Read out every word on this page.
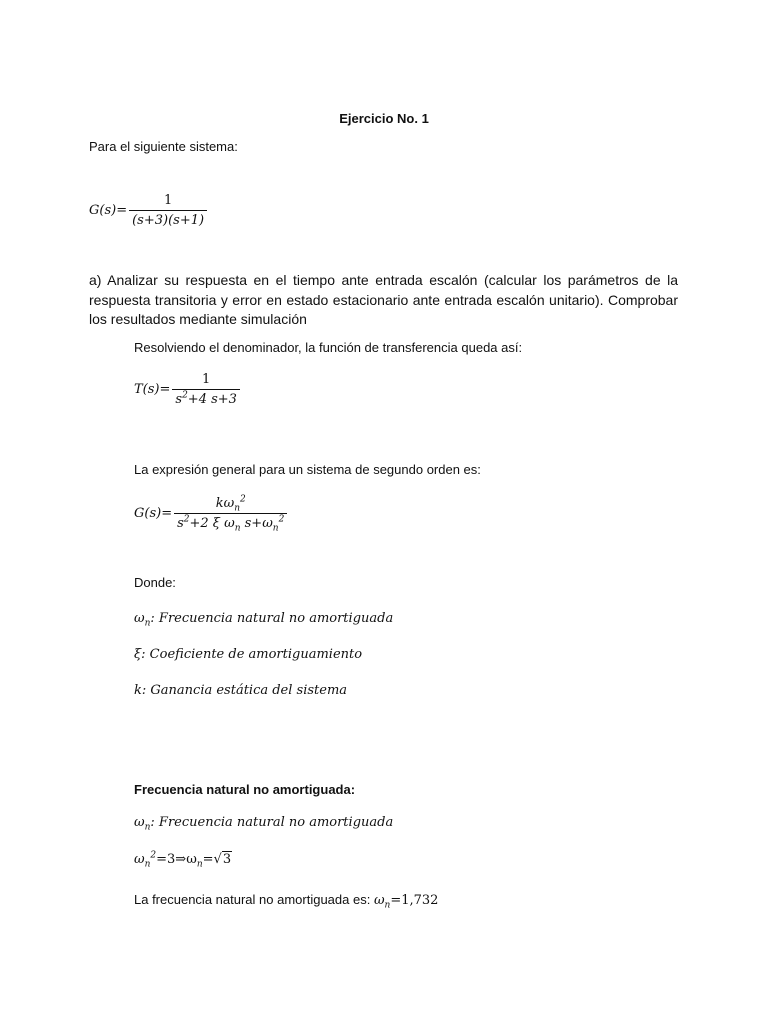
Ejercicio No. 1
Para el siguiente sistema:
$G(s)= \frac{1}{(s+3)(s+1)}$
a) Analizar su respuesta en el tiempo ante entrada escalón (calcular los parámetros de la respuesta transitoria y error en estado estacionario ante entrada escalón unitario). Comprobar los resultados mediante simulación
Resolviendo el denominador, la función de transferencia queda así:
$T(s)= \frac{1}{s^2+4 s+3}$
La expresión general para un sistema de segundo orden es:
$G(s)= \frac{k\omega_n^2}{s^2+2 \xi \omega_n s+\omega_n^2}$
Donde:
$\omega_n$: Frecuencia natural no amortiguada
ξ: Coeficiente de amortiguamiento
k: Ganancia estática del sistema
Frecuencia natural no amortiguada:
$\omega_n$: Frecuencia natural no amortiguada
$\omega_n^2=3\Rightarrow\omega_n=√3$
La frecuencia natural no amortiguada es: $\omega_n=1,732$
